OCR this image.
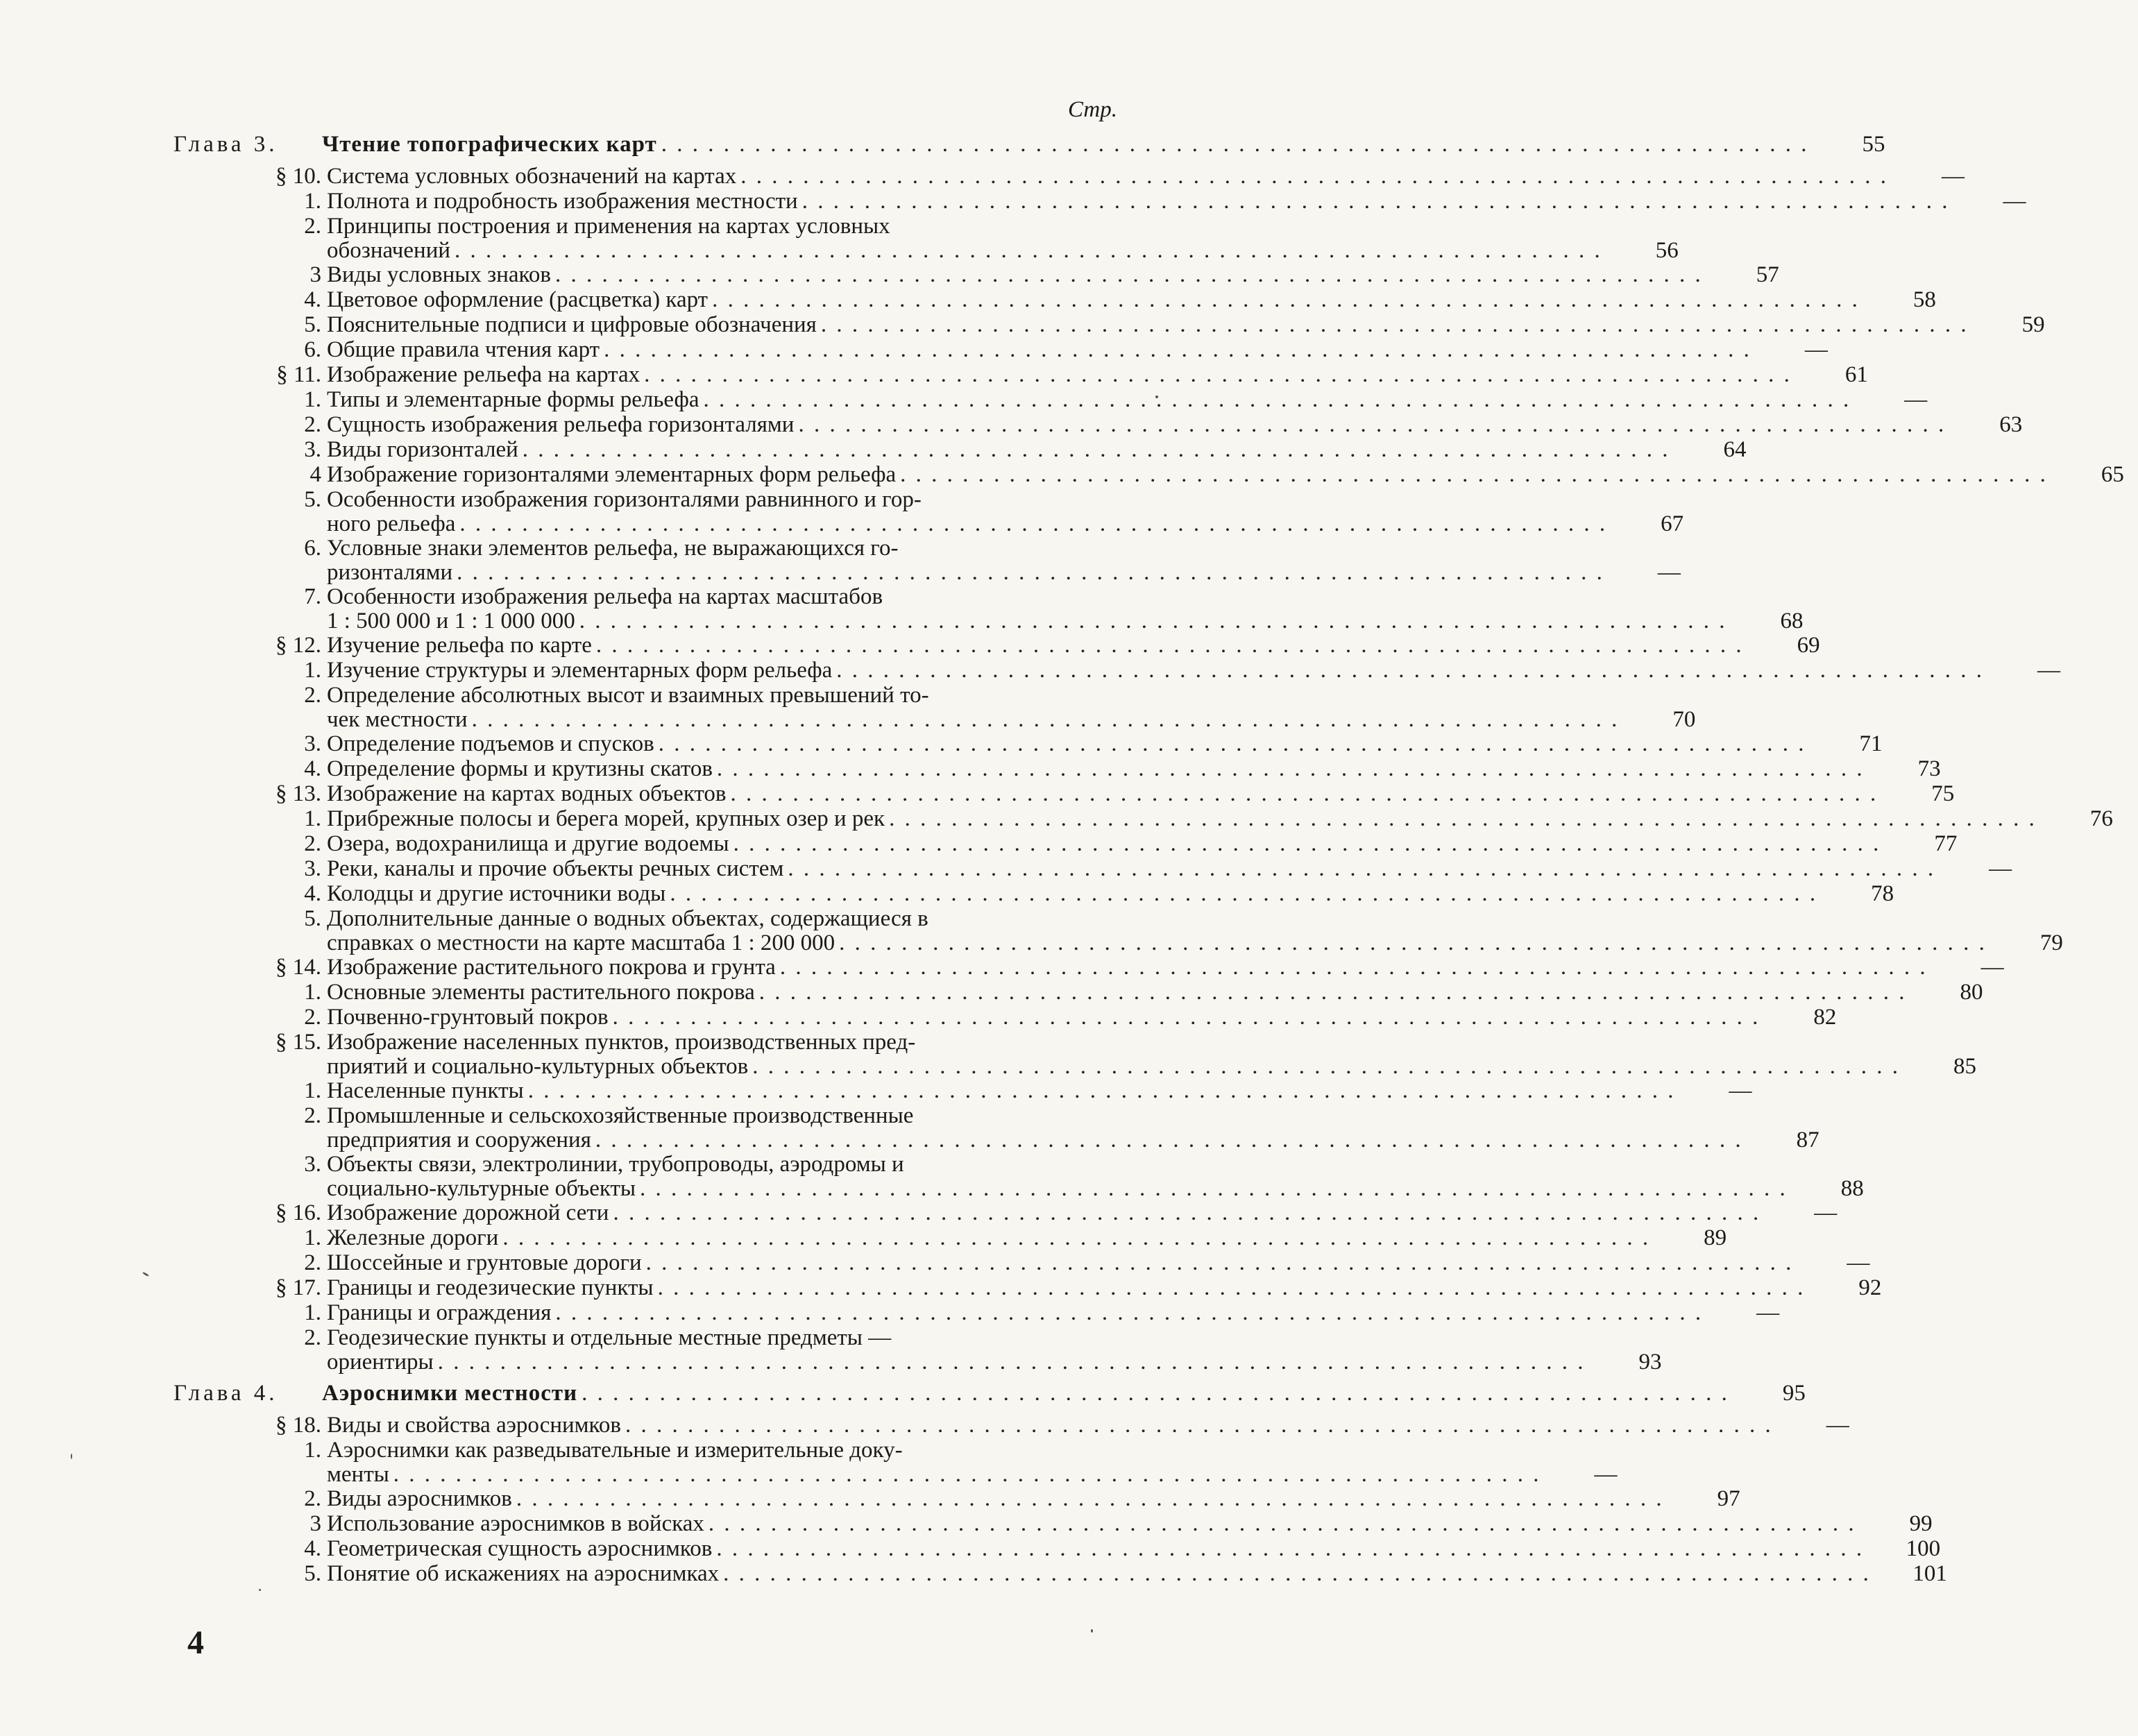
Стр.
Глава 3.	Чтение топографических карт . . .	55
§ 10. Система условных обозначений на картах . . .	—
1. Полнота и подробность изображения местности . . .	—
2. Принципы построения и применения на картах условных
обозначений . . .	56
3 Виды условных знаков . . .	57
4. Цветовое оформление (расцветка) карт . . .	58
5. Пояснительные подписи и цифровые обозначения . . .	59
6. Общие правила чтения карт . . .	—
§ 11. Изображение рельефа на картах . . .	61
1. Типы и элементарные формы рельефа . . .	—
2. Сущность изображения рельефа горизонталями . . .	63
3. Виды горизонталей . . .	64
4 Изображение горизонталями элементарных форм рельефа . . .	65
5. Особенности изображения горизонталями равнинного и гор-
ного рельефа . . .	67
6. Условные знаки элементов рельефа, не выражающихся го-
ризонталями . . .	—
7. Особенности изображения рельефа на картах масштабов
1 : 500 000 и 1 : 1 000 000 . . .	68
§ 12. Изучение рельефа по карте . . .	69
1. Изучение структуры и элементарных форм рельефа . . .	—
2. Определение абсолютных высот и взаимных превышений то-
чек местности . . .	70
3. Определение подъемов и спусков . . .	71
4. Определение формы и крутизны скатов . . .	73
§ 13. Изображение на картах водных объектов . . .	75
1. Прибрежные полосы и берега морей, крупных озер и рек . . .	76
2. Озера, водохранилища и другие водоемы . . .	77
3. Реки, каналы и прочие объекты речных систем . . .	—
4. Колодцы и другие источники воды . . .	78
5. Дополнительные данные о водных объектах, содержащиеся в
справках о местности на карте масштаба 1 : 200 000 . . .	79
§ 14. Изображение растительного покрова и грунта . . .	—
1. Основные элементы растительного покрова . . .	80
2. Почвенно-грунтовый покров . . .	82
§ 15. Изображение населенных пунктов, производственных пред-
приятий и социально-культурных объектов . . .	85
1. Населенные пункты . . .	—
2. Промышленные и сельскохозяйственные производственные
предприятия и сооружения . . .	87
3. Объекты связи, электролинии, трубопроводы, аэродромы и
социально-культурные объекты . . .	88
§ 16. Изображение дорожной сети . . .	—
1. Железные дороги . . .	89
2. Шоссейные и грунтовые дороги . . .	—
§ 17. Границы и геодезические пункты . . .	92
1. Границы и ограждения . . .	—
2. Геодезические пункты и отдельные местные предметы —
ориентиры . . .	93
Глава 4.	Аэроснимки местности . . .	95
§ 18. Виды и свойства аэроснимков . . .	—
1. Аэроснимки как разведывательные и измерительные доку-
менты . . .	—
2. Виды аэроснимков . . .	97
3 Использование аэроснимков в войсках . . .	99
4. Геометрическая сущность аэроснимков . . .	100
5. Понятие об искажениях на аэроснимках . . .	101
4
